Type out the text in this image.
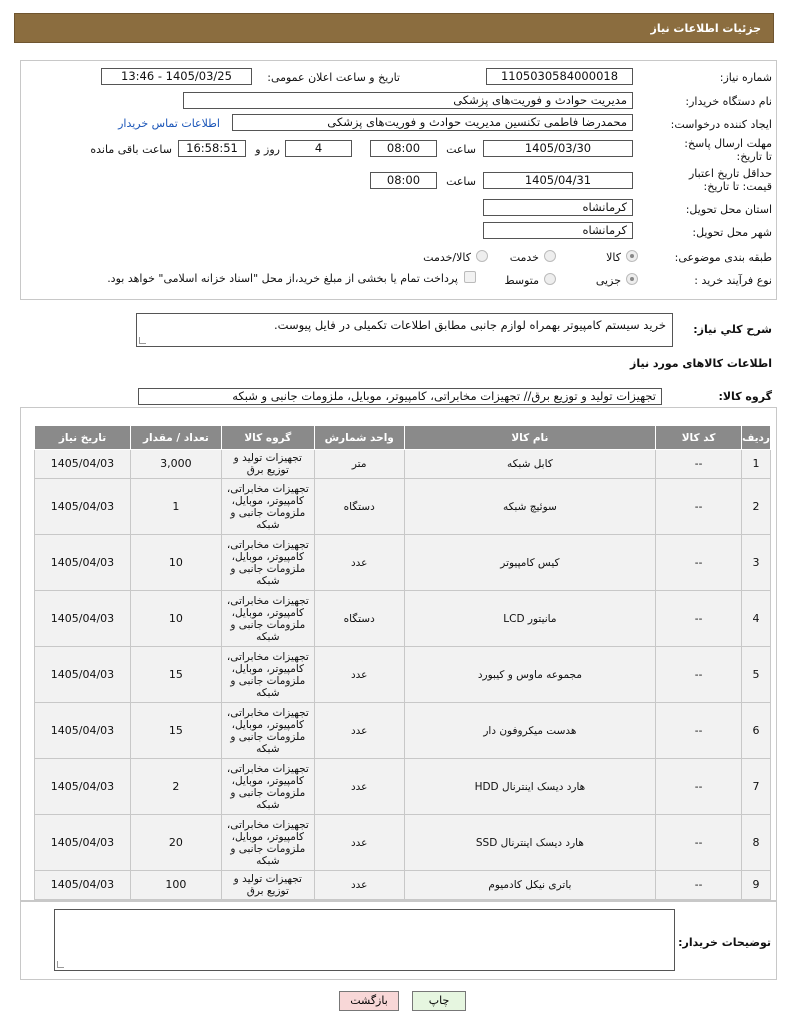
جزئیات اطلاعات نیاز
شماره نیاز:
1105030584000018
تاریخ و ساعت اعلان عمومی:
1405/03/25 - 13:46
نام دستگاه خریدار:
مدیریت حوادث و فوریت‌های پزشکی
ایجاد کننده درخواست:
محمدرضا فاطمی تکنسین مدیریت حوادث و فوریت‌های پزشکی
اطلاعات تماس خریدار
مهلت ارسال پاسخ: تا تاریخ:
1405/03/30
ساعت
08:00
4
روز و
16:58:51
ساعت باقی مانده
حداقل تاریخ اعتبار قیمت: تا تاریخ:
1405/04/31
ساعت
08:00
استان محل تحویل:
کرمانشاه
شهر محل تحویل:
کرمانشاه
طبقه بندی موضوعی:
کالا
خدمت
کالا/خدمت
نوع فرآیند خرید :
جزیی
متوسط
پرداخت تمام یا بخشی از مبلغ خرید،از محل "اسناد خزانه اسلامی" خواهد بود.
شرح کلي نياز:
خرید سیستم کامپیوتر بهمراه لوازم جانبی مطابق اطلاعات تکمیلی در فایل پیوست.
اطلاعات کالاهای مورد نیاز
گروه کالا:
تجهیزات تولید و توزیع برق// تجهیزات مخابراتی، کامپیوتر، موبایل، ملزومات جانبی و شبکه
ردیف	کد کالا	نام کالا	واحد شمارش	گروه کالا	تعداد / مقدار	تاریخ نیاز
1	--	کابل شبکه	متر	تجهیزات تولید و توزیع برق	3,000	1405/04/03
2	--	سوئیچ شبکه	دستگاه	تجهیزات مخابراتی، کامپیوتر، موبایل، ملزومات جانبی و شبکه	1	1405/04/03
3	--	کیس کامپیوتر	عدد	تجهیزات مخابراتی، کامپیوتر، موبایل، ملزومات جانبی و شبکه	10	1405/04/03
4	--	مانیتور LCD	دستگاه	تجهیزات مخابراتی، کامپیوتر، موبایل، ملزومات جانبی و شبکه	10	1405/04/03
5	--	مجموعه ماوس و کیبورد	عدد	تجهیزات مخابراتی، کامپیوتر، موبایل، ملزومات جانبی و شبکه	15	1405/04/03
6	--	هدست میکروفون دار	عدد	تجهیزات مخابراتی، کامپیوتر، موبایل، ملزومات جانبی و شبکه	15	1405/04/03
7	--	هارد دیسک اینترنال HDD	عدد	تجهیزات مخابراتی، کامپیوتر، موبایل، ملزومات جانبی و شبکه	2	1405/04/03
8	--	هارد دیسک اینترنال SSD	عدد	تجهیزات مخابراتی، کامپیوتر، موبایل، ملزومات جانبی و شبکه	20	1405/04/03
9	--	باتری نیکل کادمیوم	عدد	تجهیزات تولید و توزیع برق	100	1405/04/03
توضیحات خریدار:
چاپ
بازگشت
